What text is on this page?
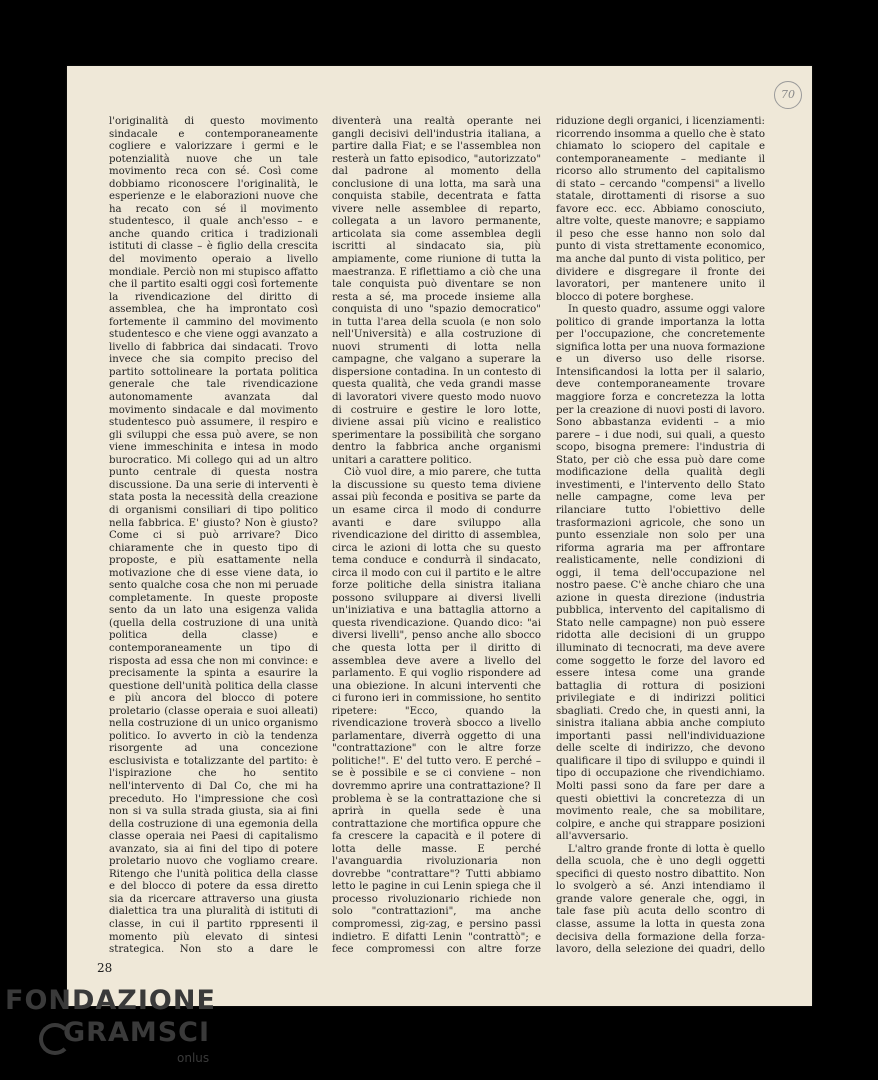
70

l'originalità di questo movimento sindacale e contemporaneamente cogliere e valorizzare i germi e le potenzialità nuove che un tale movimento reca con sé. Così come dobbiamo riconoscere l'originalità, le esperienze e le elaborazioni nuove che ha recato con sé il movimento studentesco, il quale anch'esso – e anche quando critica i tradizionali istituti di classe – è figlio della crescita del movimento operaio a livello mondiale. Perciò non mi stupisco affatto che il partito esalti oggi così fortemente la rivendicazione del diritto di assemblea, che ha improntato così fortemente il cammino del movimento studentesco e che viene oggi avanzato a livello di fabbrica dai sindacati. Trovo invece che sia compito preciso del partito sottolineare la portata politica generale che tale rivendicazione autonomamente avanzata dal movimento sindacale e dal movimento studentesco può assumere, il respiro e gli sviluppi che essa può avere, se non viene immeschinita e intesa in modo burocratico. Mi collego qui ad un altro punto centrale di questa nostra discussione. Da una serie di interventi è stata posta la necessità della creazione di organismi consiliari di tipo politico nella fabbrica. E' giusto? Non è giusto? Come ci si può arrivare? Dico chiaramente che in questo tipo di proposte, e più esattamente nella motivazione che di esse viene data, io sento qualche cosa che non mi peruade completamente. In queste proposte sento da un lato una esigenza valida (quella della costruzione di una unità politica della classe) e contemporaneamente un tipo di risposta ad essa che non mi convince: e precisamente la spinta a esaurire la questione dell'unità politica della classe e più ancora del blocco di potere proletario (classe operaia e suoi alleati) nella costruzione di un unico organismo politico. Io avverto in ciò la tendenza risorgente ad una concezione esclusivista e totalizzante del partito: è l'ispirazione che ho sentito nell'intervento di Dal Co, che mi ha preceduto. Ho l'impressione che così non si va sulla strada giusta, sia ai fini della costruzione di una egemonia della classe operaia nei Paesi di capitalismo avanzato, sia ai fini del tipo di potere proletario nuovo che vogliamo creare. Ritengo che l'unità politica della classe e del blocco di potere da essa diretto sia da ricercare attraverso una giusta dialettica tra una pluralità di istituti di classe, in cui il partito rppresenti il momento più elevato di sintesi strategica. Non sto a dare le

diventerà una realtà operante nei gangli decisivi dell'industria italiana, a partire dalla Fiat; e se l'assemblea non resterà un fatto episodico, "autorizzato" dal padrone al momento della conclusione di una lotta, ma sarà una conquista stabile, decentrata e fatta vivere nelle assemblee di reparto, collegata a un lavoro permanente, articolata sia come assemblea degli iscritti al sindacato sia, più ampiamente, come riunione di tutta la maestranza. E riflettiamo a ciò che una tale conquista può diventare se non resta a sé, ma procede insieme alla conquista di uno "spazio democratico" in tutta l'area della scuola (e non solo nell'Università) e alla costruzione di nuovi strumenti di lotta nella campagne, che valgano a superare la dispersione contadina. In un contesto di questa qualità, che veda grandi masse di lavoratori vivere questo modo nuovo di costruire e gestire le loro lotte, diviene assai più vicino e realistico sperimentare la possibilità che sorgano dentro la fabbrica anche organismi unitari a carattere politico.

Ciò vuol dire, a mio parere, che tutta la discussione su questo tema diviene assai più feconda e positiva se parte da un esame circa il modo di condurre avanti e dare sviluppo alla rivendicazione del diritto di assemblea, circa le azioni di lotta che su questo tema conduce e condurrà il sindacato, circa il modo con cui il partito e le altre forze politiche della sinistra italiana possono sviluppare ai diversi livelli un'iniziativa e una battaglia attorno a questa rivendicazione. Quando dico: "ai diversi livelli", penso anche allo sbocco che questa lotta per il diritto di assemblea deve avere a livello del parlamento. E qui voglio rispondere ad una obiezione. In alcuni interventi che ci furono ieri in commissione, ho sentito ripetere: "Ecco, quando la rivendicazione troverà sbocco a livello parlamentare, diverrà oggetto di una "contrattazione" con le altre forze politiche!". E' del tutto vero. E perché – se è possibile e se ci conviene – non dovremmo aprire una contrattazione? Il problema è se la contrattazione che si aprirà in quella sede è una contrattazione che mortifica oppure che fa crescere la capacità e il potere di lotta delle masse. E perché l'avanguardia rivoluzionaria non dovrebbe "contrattare"? Tutti abbiamo letto le pagine in cui Lenin spiega che il processo rivoluzionario richiede non solo "contrattazioni", ma anche compromessi, zig-zag, e persino passi indietro. E difatti Lenin "contrattò"; e fece compromessi con altre forze

riduzione degli organici, i licenziamenti: ricorrendo insomma a quello che è stato chiamato lo sciopero del capitale e contemporaneamente – mediante il ricorso allo strumento del capitalismo di stato – cercando "compensi" a livello statale, dirottamenti di risorse a suo favore ecc. ecc. Abbiamo conosciuto, altre volte, queste manovre; e sappiamo il peso che esse hanno non solo dal punto di vista strettamente economico, ma anche dal punto di vista politico, per dividere e disgregare il fronte dei lavoratori, per mantenere unito il blocco di potere borghese.

In questo quadro, assume oggi valore politico di grande importanza la lotta per l'occupazione, che concretemente significa lotta per una nuova formazione e un diverso uso delle risorse. Intensificandosi la lotta per il salario, deve contemporaneamente trovare maggiore forza e concretezza la lotta per la creazione di nuovi posti di lavoro. Sono abbastanza evidenti – a mio parere – i due nodi, sui quali, a questo scopo, bisogna premere: l'industria di Stato, per ciò che essa può dare come modificazione della qualità degli investimenti, e l'intervento dello Stato nelle campagne, come leva per rilanciare tutto l'obiettivo delle trasformazioni agricole, che sono un punto essenziale non solo per una riforma agraria ma per affrontare realisticamente, nelle condizioni di oggi, il tema dell'occupazione nel nostro paese. C'è anche chiaro che una azione in questa direzione (industria pubblica, intervento del capitalismo di Stato nelle campagne) non può essere ridotta alle decisioni di un gruppo illuminato di tecnocrati, ma deve avere come soggetto le forze del lavoro ed essere intesa come una grande battaglia di rottura di posizioni privilegiate e di indirizzi politici sbagliati. Credo che, in questi anni, la sinistra italiana abbia anche compiuto importanti passi nell'individuazione delle scelte di indirizzo, che devono qualificare il tipo di sviluppo e quindi il tipo di occupazione che rivendichiamo. Molti passi sono da fare per dare a questi obiettivi la concretezza di un movimento reale, che sa mobilitare, colpire, e anche qui strappare posizioni all'avversario.

L'altro grande fronte di lotta è quello della scuola, che è uno degli oggetti specifici di questo nostro dibattito. Non lo svolgerò a sé. Anzi intendiamo il grande valore generale che, oggi, in tale fase più acuta dello scontro di classe, assume la lotta in questa zona decisiva della formazione della forza-lavoro, della selezione dei quadri, dello

28
FONDAZIONE
GRAMSCI
onlus
